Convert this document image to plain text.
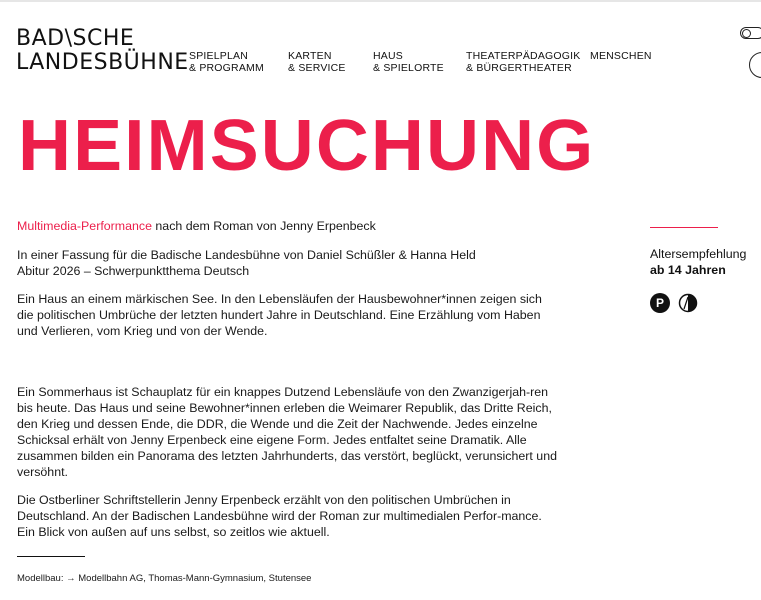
BAD\SCHE
LANDESBÜHNE SPIELPLAN
& PROGRAMM
KARTEN
& SERVICE
HAUS
& SPIELORTE
THEATERPÄDAGOGIK
& BÜRGERTHEATER
MENSCHEN
HEIMSUCHUNG

Multimedia-Performance nach dem Roman von Jenny Erpenbeck

In einer Fassung für die Badische Landesbühne von Daniel Schüßler & Hanna Held

Abitur 2026 – Schwerpunktthema Deutsch

Ein Haus an einem märkischen See. In den Lebensläufen der Hausbewohner*innen zeigen sich die politischen Umbrüche der letzten hundert Jahre in Deutschland. Eine Erzählung vom Haben und Verlieren, vom Krieg und von der Wende.

Ein Sommerhaus ist Schauplatz für ein knappes Dutzend Lebensläufe von den Zwanzigerjah-ren bis heute. Das Haus und seine Bewohner*innen erleben die Weimarer Republik, das Dritte Reich, den Krieg und dessen Ende, die DDR, die Wende und die Zeit der Nachwende. Jedes einzelne Schicksal erhält von Jenny Erpenbeck eine eigene Form. Jedes entfaltet seine Dramatik. Alle zusammen bilden ein Panorama des letzten Jahrhunderts, das verstört, beglückt, verunsichert und versöhnt.

Die Ostberliner Schriftstellerin Jenny Erpenbeck erzählt von den politischen Umbrüchen in Deutschland. An der Badischen Landesbühne wird der Roman zur multimedialen Perfor-mance. Ein Blick von außen auf uns selbst, so zeitlos wie aktuell.

Modellbau: → Modellbahn AG, Thomas-Mann-Gymnasium, Stutensee
Altersempfehlung
ab 14 Jahren
P
